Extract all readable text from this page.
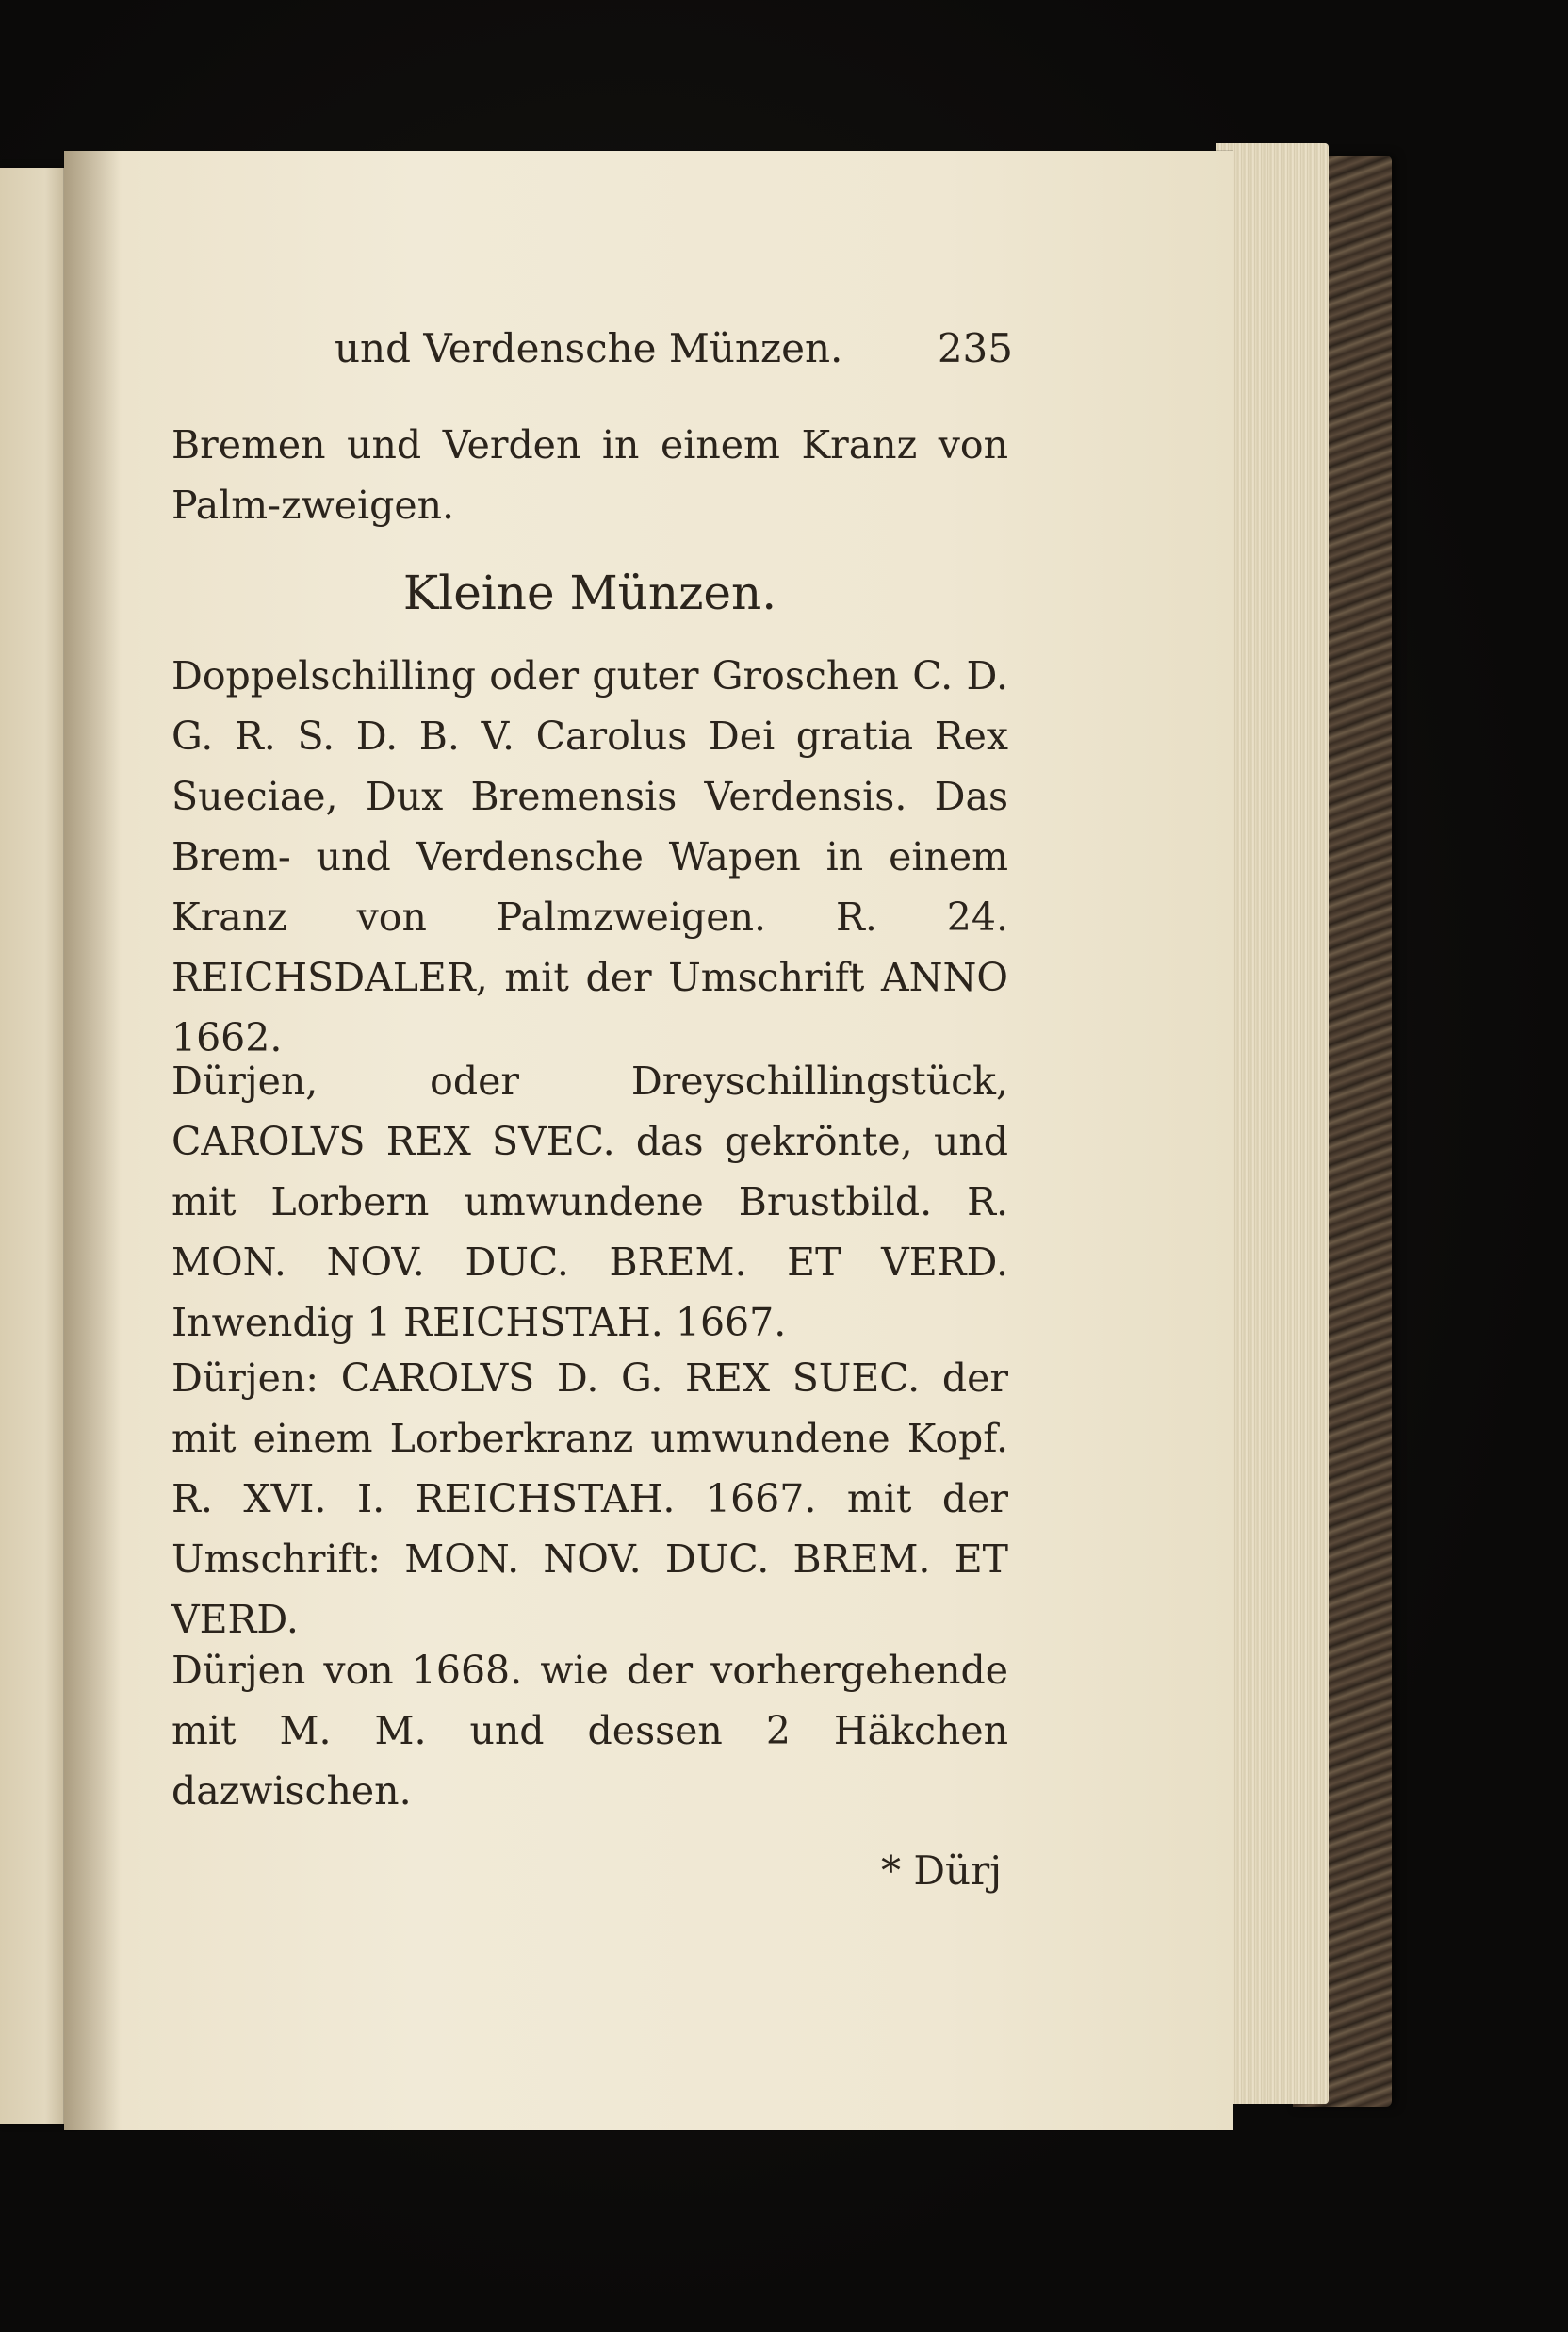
und Verdensche Münzen. 235

Bremen und Verden in einem Kranz von Palm-zweigen.

Kleine Münzen.

Doppelschilling oder guter Groschen C. D. G. R. S. D. B. V. Carolus Dei gratia Rex Sueciae, Dux Bremensis Verdensis. Das Brem- und Verdensche Wapen in einem Kranz von Palmzweigen. R. 24. REICHSDALER, mit der Umschrift ANNO 1662.

Dürjen, oder Dreyschillingstück, CAROLVS REX SVEC. das gekrönte, und mit Lorbern umwundene Brustbild. R. MON. NOV. DUC. BREM. ET VERD. Inwendig 1 REICHSTAH. 1667.

Dürjen: CAROLVS D. G. REX SUEC. der mit einem Lorberkranz umwundene Kopf. R. XVI. I. REICHSTAH. 1667. mit der Umschrift: MON. NOV. DUC. BREM. ET VERD.

Dürjen von 1668. wie der vorhergehende mit M. M. und dessen 2 Häkchen dazwischen.

* Dürj
